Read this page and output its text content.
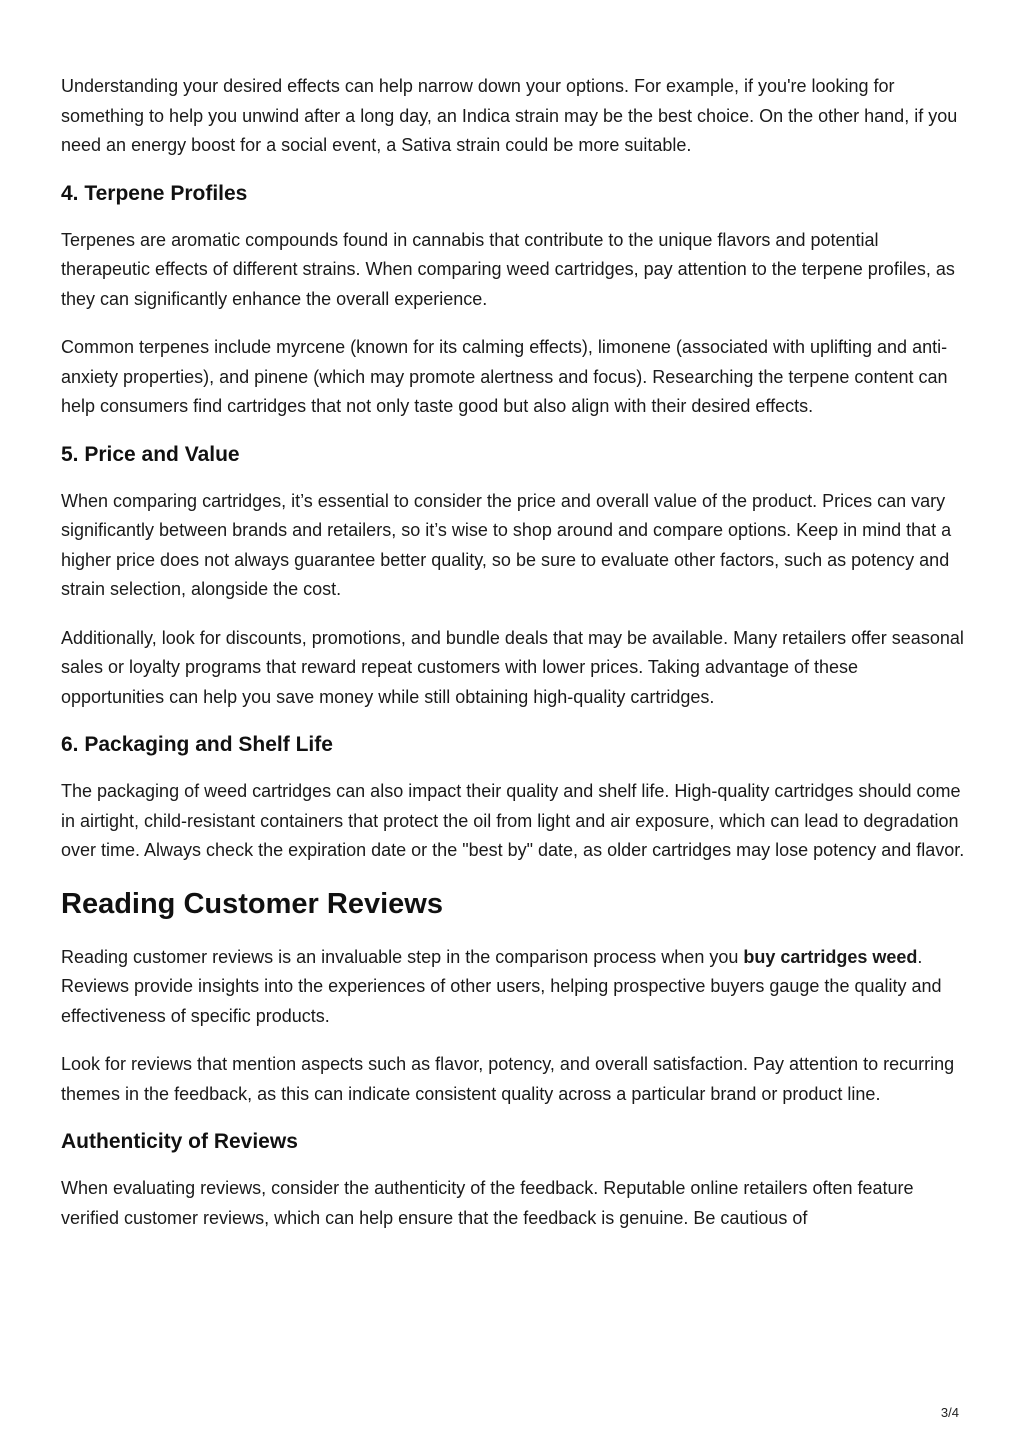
Understanding your desired effects can help narrow down your options. For example, if you're looking for something to help you unwind after a long day, an Indica strain may be the best choice. On the other hand, if you need an energy boost for a social event, a Sativa strain could be more suitable.

4. Terpene Profiles

Terpenes are aromatic compounds found in cannabis that contribute to the unique flavors and potential therapeutic effects of different strains. When comparing weed cartridges, pay attention to the terpene profiles, as they can significantly enhance the overall experience.

Common terpenes include myrcene (known for its calming effects), limonene (associated with uplifting and anti-anxiety properties), and pinene (which may promote alertness and focus). Researching the terpene content can help consumers find cartridges that not only taste good but also align with their desired effects.

5. Price and Value

When comparing cartridges, it’s essential to consider the price and overall value of the product. Prices can vary significantly between brands and retailers, so it’s wise to shop around and compare options. Keep in mind that a higher price does not always guarantee better quality, so be sure to evaluate other factors, such as potency and strain selection, alongside the cost.

Additionally, look for discounts, promotions, and bundle deals that may be available. Many retailers offer seasonal sales or loyalty programs that reward repeat customers with lower prices. Taking advantage of these opportunities can help you save money while still obtaining high-quality cartridges.

6. Packaging and Shelf Life

The packaging of weed cartridges can also impact their quality and shelf life. High-quality cartridges should come in airtight, child-resistant containers that protect the oil from light and air exposure, which can lead to degradation over time. Always check the expiration date or the "best by" date, as older cartridges may lose potency and flavor.

Reading Customer Reviews

Reading customer reviews is an invaluable step in the comparison process when you buy cartridges weed. Reviews provide insights into the experiences of other users, helping prospective buyers gauge the quality and effectiveness of specific products.

Look for reviews that mention aspects such as flavor, potency, and overall satisfaction. Pay attention to recurring themes in the feedback, as this can indicate consistent quality across a particular brand or product line.

Authenticity of Reviews

When evaluating reviews, consider the authenticity of the feedback. Reputable online retailers often feature verified customer reviews, which can help ensure that the feedback is genuine. Be cautious of

3/4
